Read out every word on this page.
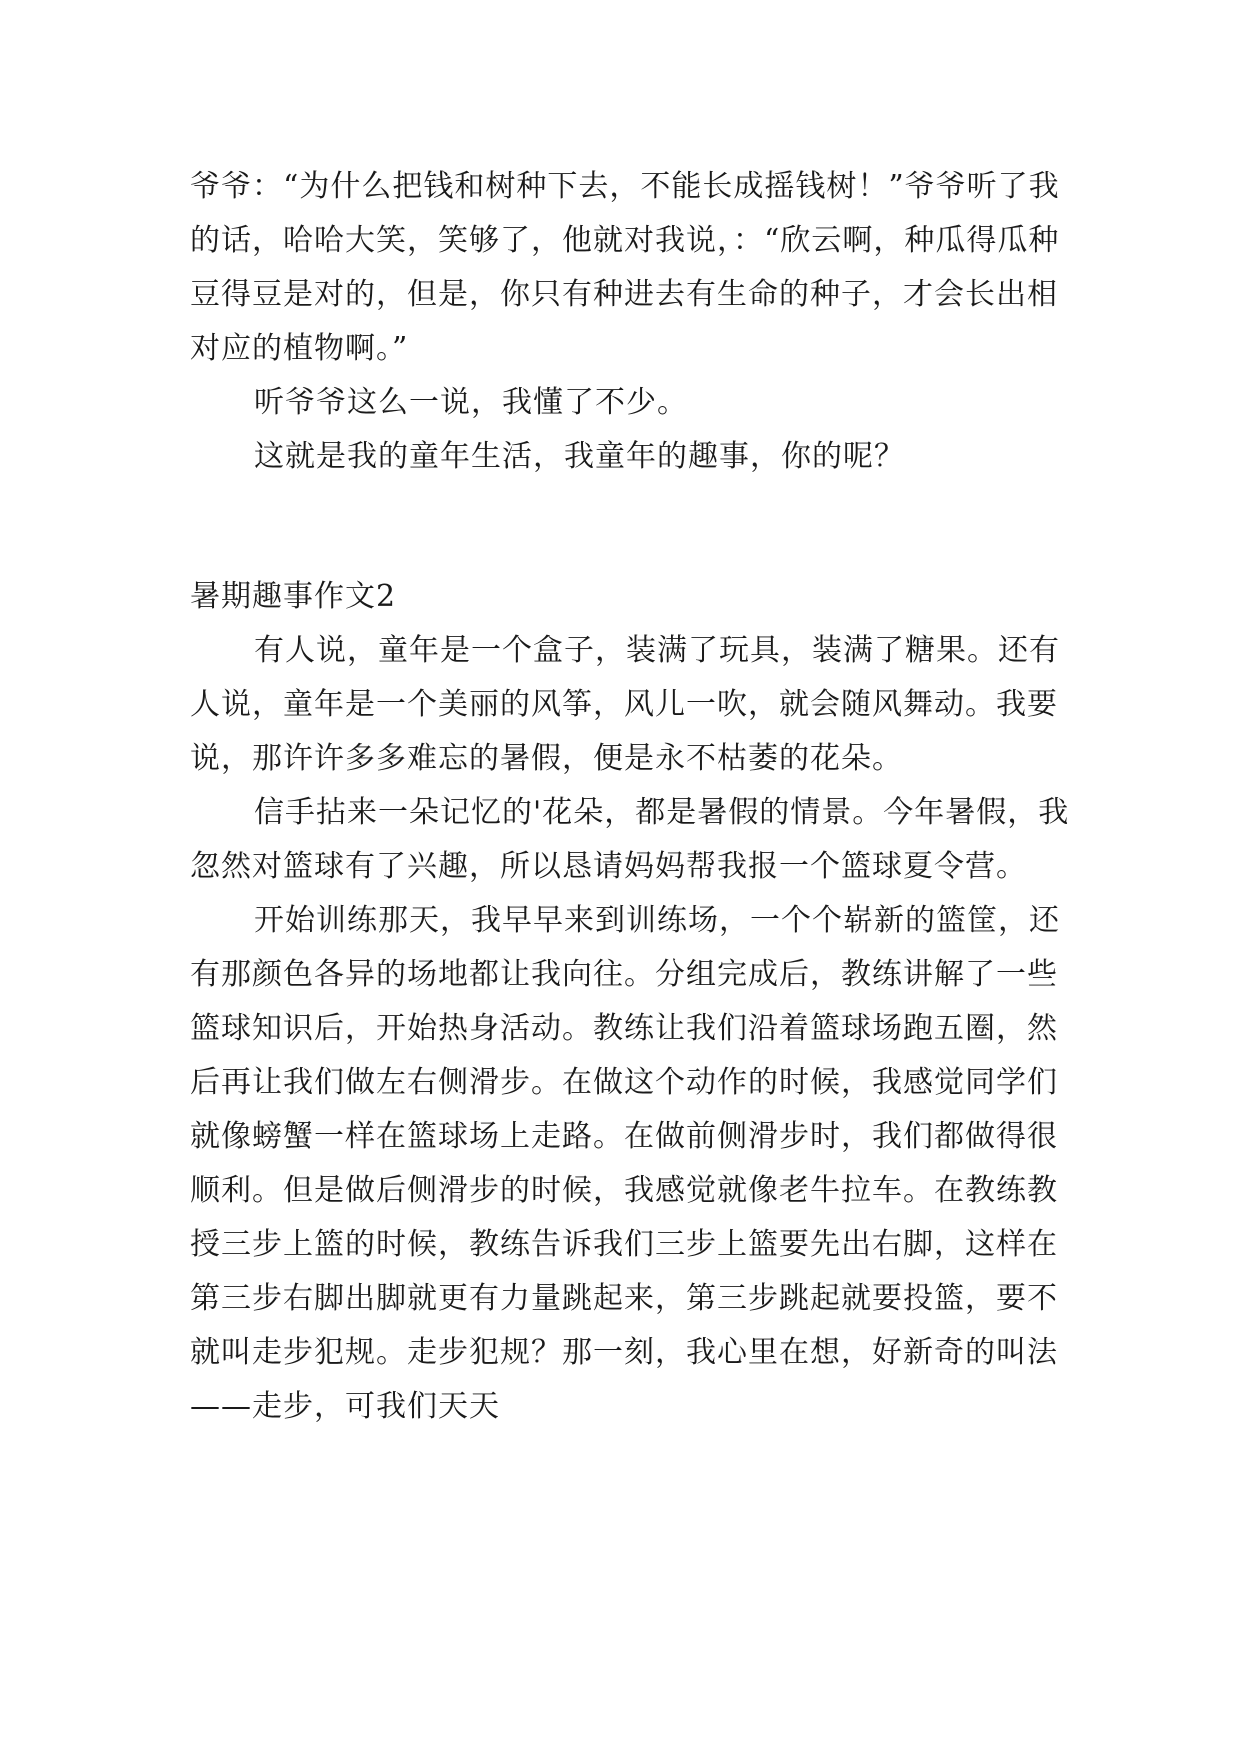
爷爷：“为什么把钱和树种下去，不能长成摇钱树！”爷爷听了我的话，哈哈大笑，笑够了，他就对我说，：“欣云啊，种瓜得瓜种豆得豆是对的，但是，你只有种进去有生命的种子，才会长出相对应的植物啊。”

听爷爷这么一说，我懂了不少。

这就是我的童年生活，我童年的趣事，你的呢？

暑期趣事作文2

有人说，童年是一个盒子，装满了玩具，装满了糖果。还有人说，童年是一个美丽的风筝，风儿一吹，就会随风舞动。我要说，那许许多多难忘的暑假，便是永不枯萎的花朵。

信手拈来一朵记忆的'花朵，都是暑假的情景。今年暑假，我忽然对篮球有了兴趣，所以恳请妈妈帮我报一个篮球夏令营。

开始训练那天，我早早来到训练场，一个个崭新的篮筐，还有那颜色各异的场地都让我向往。分组完成后，教练讲解了一些篮球知识后，开始热身活动。教练让我们沿着篮球场跑五圈，然后再让我们做左右侧滑步。在做这个动作的时候，我感觉同学们就像螃蟹一样在篮球场上走路。在做前侧滑步时，我们都做得很顺利。但是做后侧滑步的时候，我感觉就像老牛拉车。在教练教授三步上篮的时候，教练告诉我们三步上篮要先出右脚，这样在第三步右脚出脚就更有力量跳起来，第三步跳起就要投篮，要不就叫走步犯规。走步犯规？那一刻，我心里在想，好新奇的叫法——走步，可我们天天
